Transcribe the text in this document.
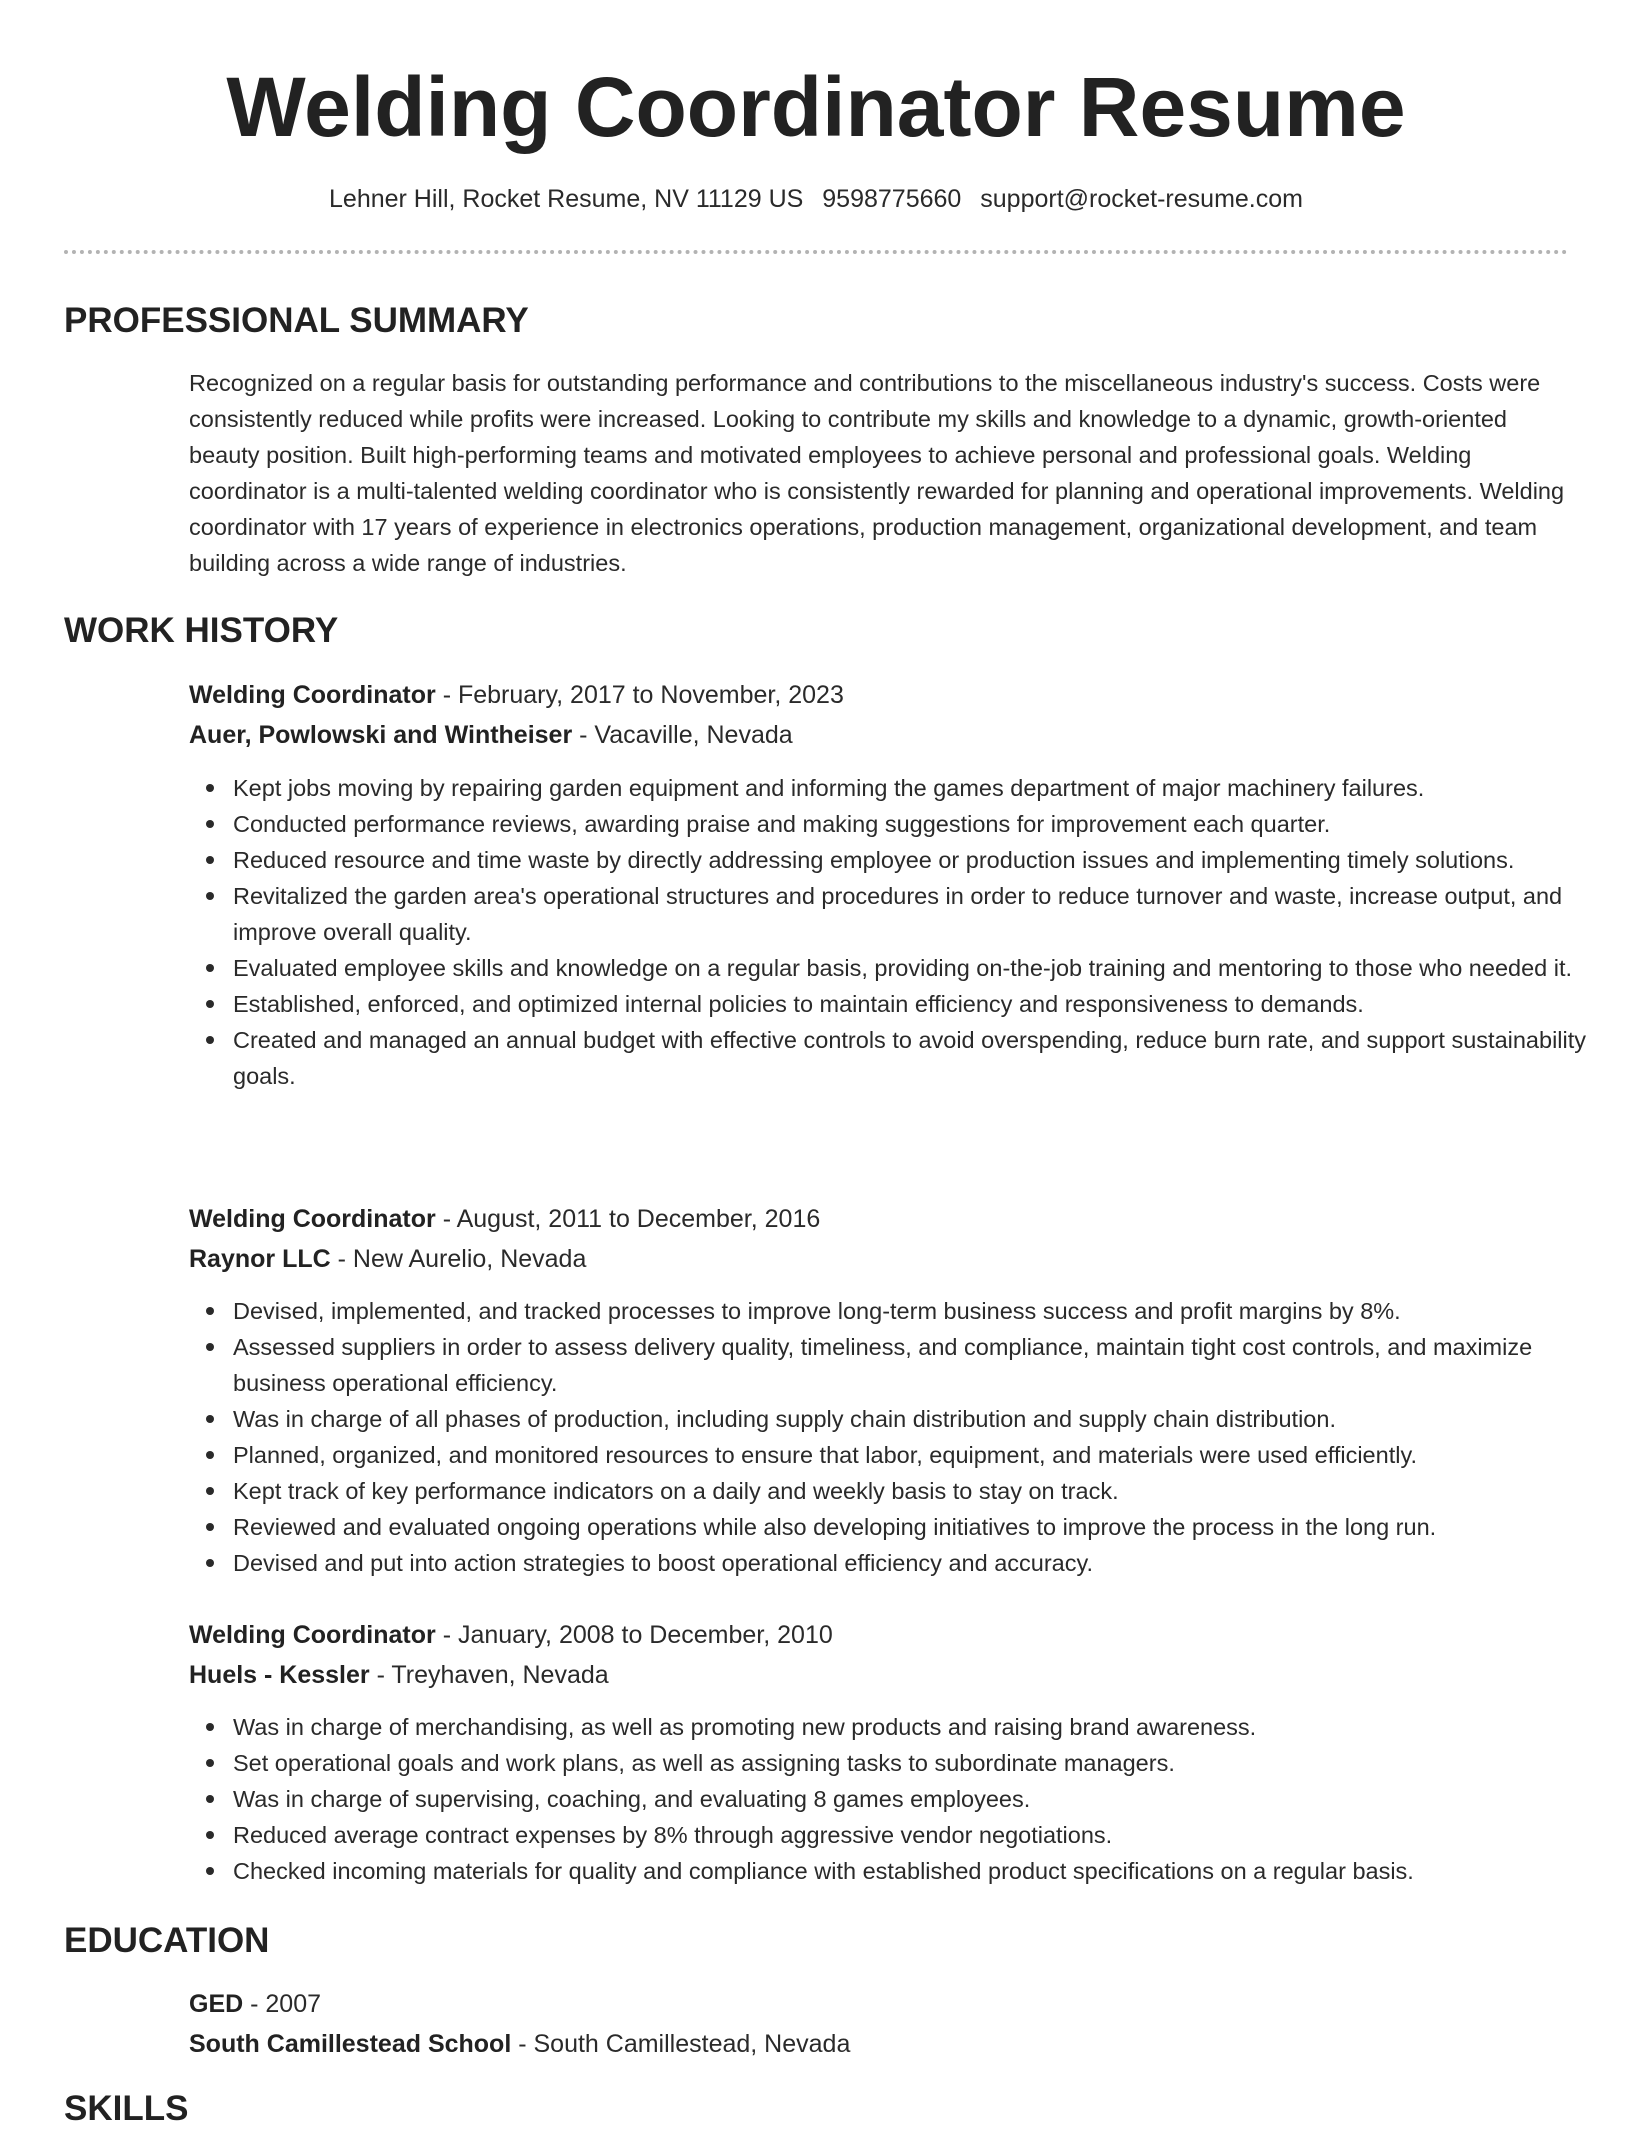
Welding Coordinator Resume
Lehner Hill, Rocket Resume, NV 11129 US 9598775660 support@rocket-resume.com
PROFESSIONAL SUMMARY

Recognized on a regular basis for outstanding performance and contributions to the miscellaneous industry's success. Costs were consistently reduced while profits were increased. Looking to contribute my skills and knowledge to a dynamic, growth-oriented beauty position. Built high-performing teams and motivated employees to achieve personal and professional goals. Welding coordinator is a multi-talented welding coordinator who is consistently rewarded for planning and operational improvements. Welding coordinator with 17 years of experience in electronics operations, production management, organizational development, and team building across a wide range of industries.

WORK HISTORY
Welding Coordinator - February, 2017 to November, 2023
Auer, Powlowski and Wintheiser - Vacaville, Nevada
Kept jobs moving by repairing garden equipment and informing the games department of major machinery failures.
Conducted performance reviews, awarding praise and making suggestions for improvement each quarter.
Reduced resource and time waste by directly addressing employee or production issues and implementing timely solutions.
Revitalized the garden area's operational structures and procedures in order to reduce turnover and waste, increase output, and improve overall quality.
Evaluated employee skills and knowledge on a regular basis, providing on-the-job training and mentoring to those who needed it.
Established, enforced, and optimized internal policies to maintain efficiency and responsiveness to demands.
Created and managed an annual budget with effective controls to avoid overspending, reduce burn rate, and support sustainability goals.
Welding Coordinator - August, 2011 to December, 2016
Raynor LLC - New Aurelio, Nevada
Devised, implemented, and tracked processes to improve long-term business success and profit margins by 8%.
Assessed suppliers in order to assess delivery quality, timeliness, and compliance, maintain tight cost controls, and maximize business operational efficiency.
Was in charge of all phases of production, including supply chain distribution and supply chain distribution.
Planned, organized, and monitored resources to ensure that labor, equipment, and materials were used efficiently.
Kept track of key performance indicators on a daily and weekly basis to stay on track.
Reviewed and evaluated ongoing operations while also developing initiatives to improve the process in the long run.
Devised and put into action strategies to boost operational efficiency and accuracy.
Welding Coordinator - January, 2008 to December, 2010
Huels - Kessler - Treyhaven, Nevada
Was in charge of merchandising, as well as promoting new products and raising brand awareness.
Set operational goals and work plans, as well as assigning tasks to subordinate managers.
Was in charge of supervising, coaching, and evaluating 8 games employees.
Reduced average contract expenses by 8% through aggressive vendor negotiations.
Checked incoming materials for quality and compliance with established product specifications on a regular basis.
EDUCATION
GED - 2007
South Camillestead School - South Camillestead, Nevada
SKILLS
